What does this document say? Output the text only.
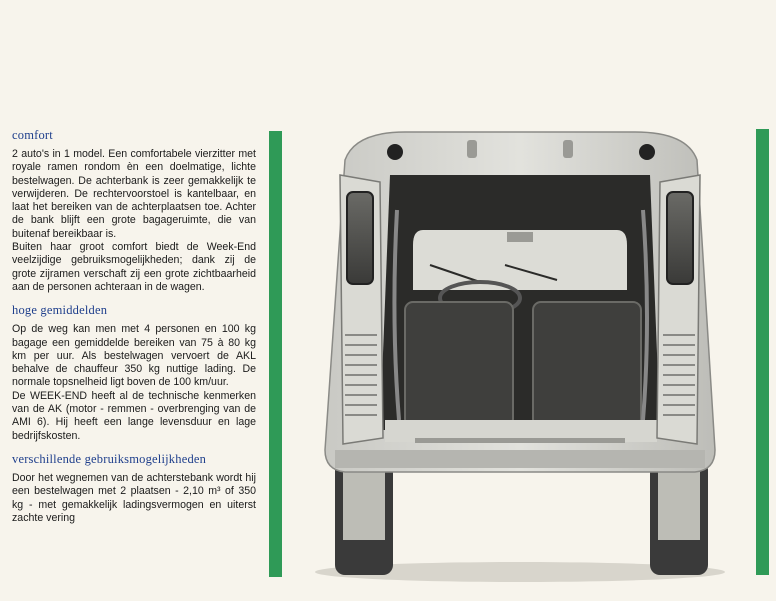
comfort

2 auto's in 1 model. Een comfortabele vierzitter met royale ramen rondom èn een doelmatige, lichte bestelwagen. De achterbank is zeer gemakkelijk te verwijderen. De rechtervoorstoel is kantelbaar, en laat het bereiken van de achterplaatsen toe. Achter de bank blijft een grote bagageruimte, die van buitenaf bereikbaar is.

Buiten haar groot comfort biedt de Week-End veelzijdige gebruiksmogelijkheden; dank zij de grote zijramen verschaft zij een grote zichtbaarheid aan de personen achteraan in de wagen.

hoge gemiddelden

Op de weg kan men met 4 personen en 100 kg bagage een gemiddelde bereiken van 75 à 80 kg km per uur. Als bestelwagen vervoert de AKL behalve de chauffeur 350 kg nuttige lading. De normale topsnelheid ligt boven de 100 km/uur.

De WEEK-END heeft al de technische kenmerken van de AK (motor - remmen - overbrenging van de AMI 6). Hij heeft een lange levensduur en lage bedrijfskosten.

verschillende gebruiksmogelijkheden

Door het wegnemen van de achterstebank wordt hij een bestelwagen met 2 plaatsen - 2,10 m³ of 350 kg - met gemakkelijk ladingsvermogen en uiterst zachte vering
